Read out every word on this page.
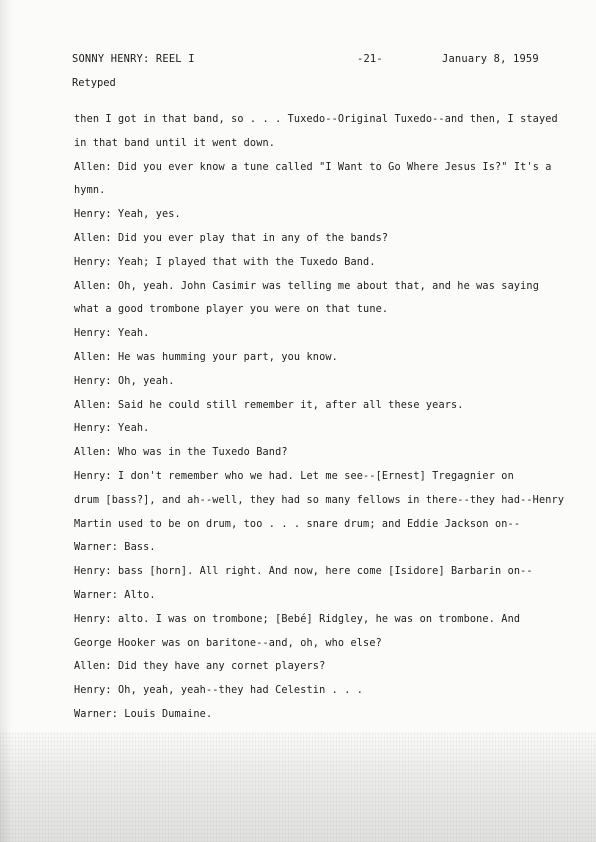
SONNY HENRY: REEL I	-21-	January 8, 1959
Retyped
then I got in that band, so . . . Tuxedo--Original Tuxedo--and then, I stayed
in that band until it went down.
Allen: Did you ever know a tune called "I Want to Go Where Jesus Is?" It's a
hymn.
Henry: Yeah, yes.
Allen: Did you ever play that in any of the bands?
Henry: Yeah; I played that with the Tuxedo Band.
Allen: Oh, yeah. John Casimir was telling me about that, and he was saying
what a good trombone player you were on that tune.
Henry: Yeah.
Allen: He was humming your part, you know.
Henry: Oh, yeah.
Allen: Said he could still remember it, after all these years.
Henry: Yeah.
Allen: Who was in the Tuxedo Band?
Henry: I don't remember who we had. Let me see--[Ernest] Tregagnier on
drum [bass?], and ah--well, they had so many fellows in there--they had--Henry
Martin used to be on drum, too . . . snare drum; and Eddie Jackson on--
Warner: Bass.
Henry: bass [horn]. All right. And now, here come [Isidore] Barbarin on--
Warner: Alto.
Henry: alto. I was on trombone; [Bebé] Ridgley, he was on trombone. And
George Hooker was on baritone--and, oh, who else?
Allen: Did they have any cornet players?
Henry: Oh, yeah, yeah--they had Celestin . . .
Warner: Louis Dumaine.
